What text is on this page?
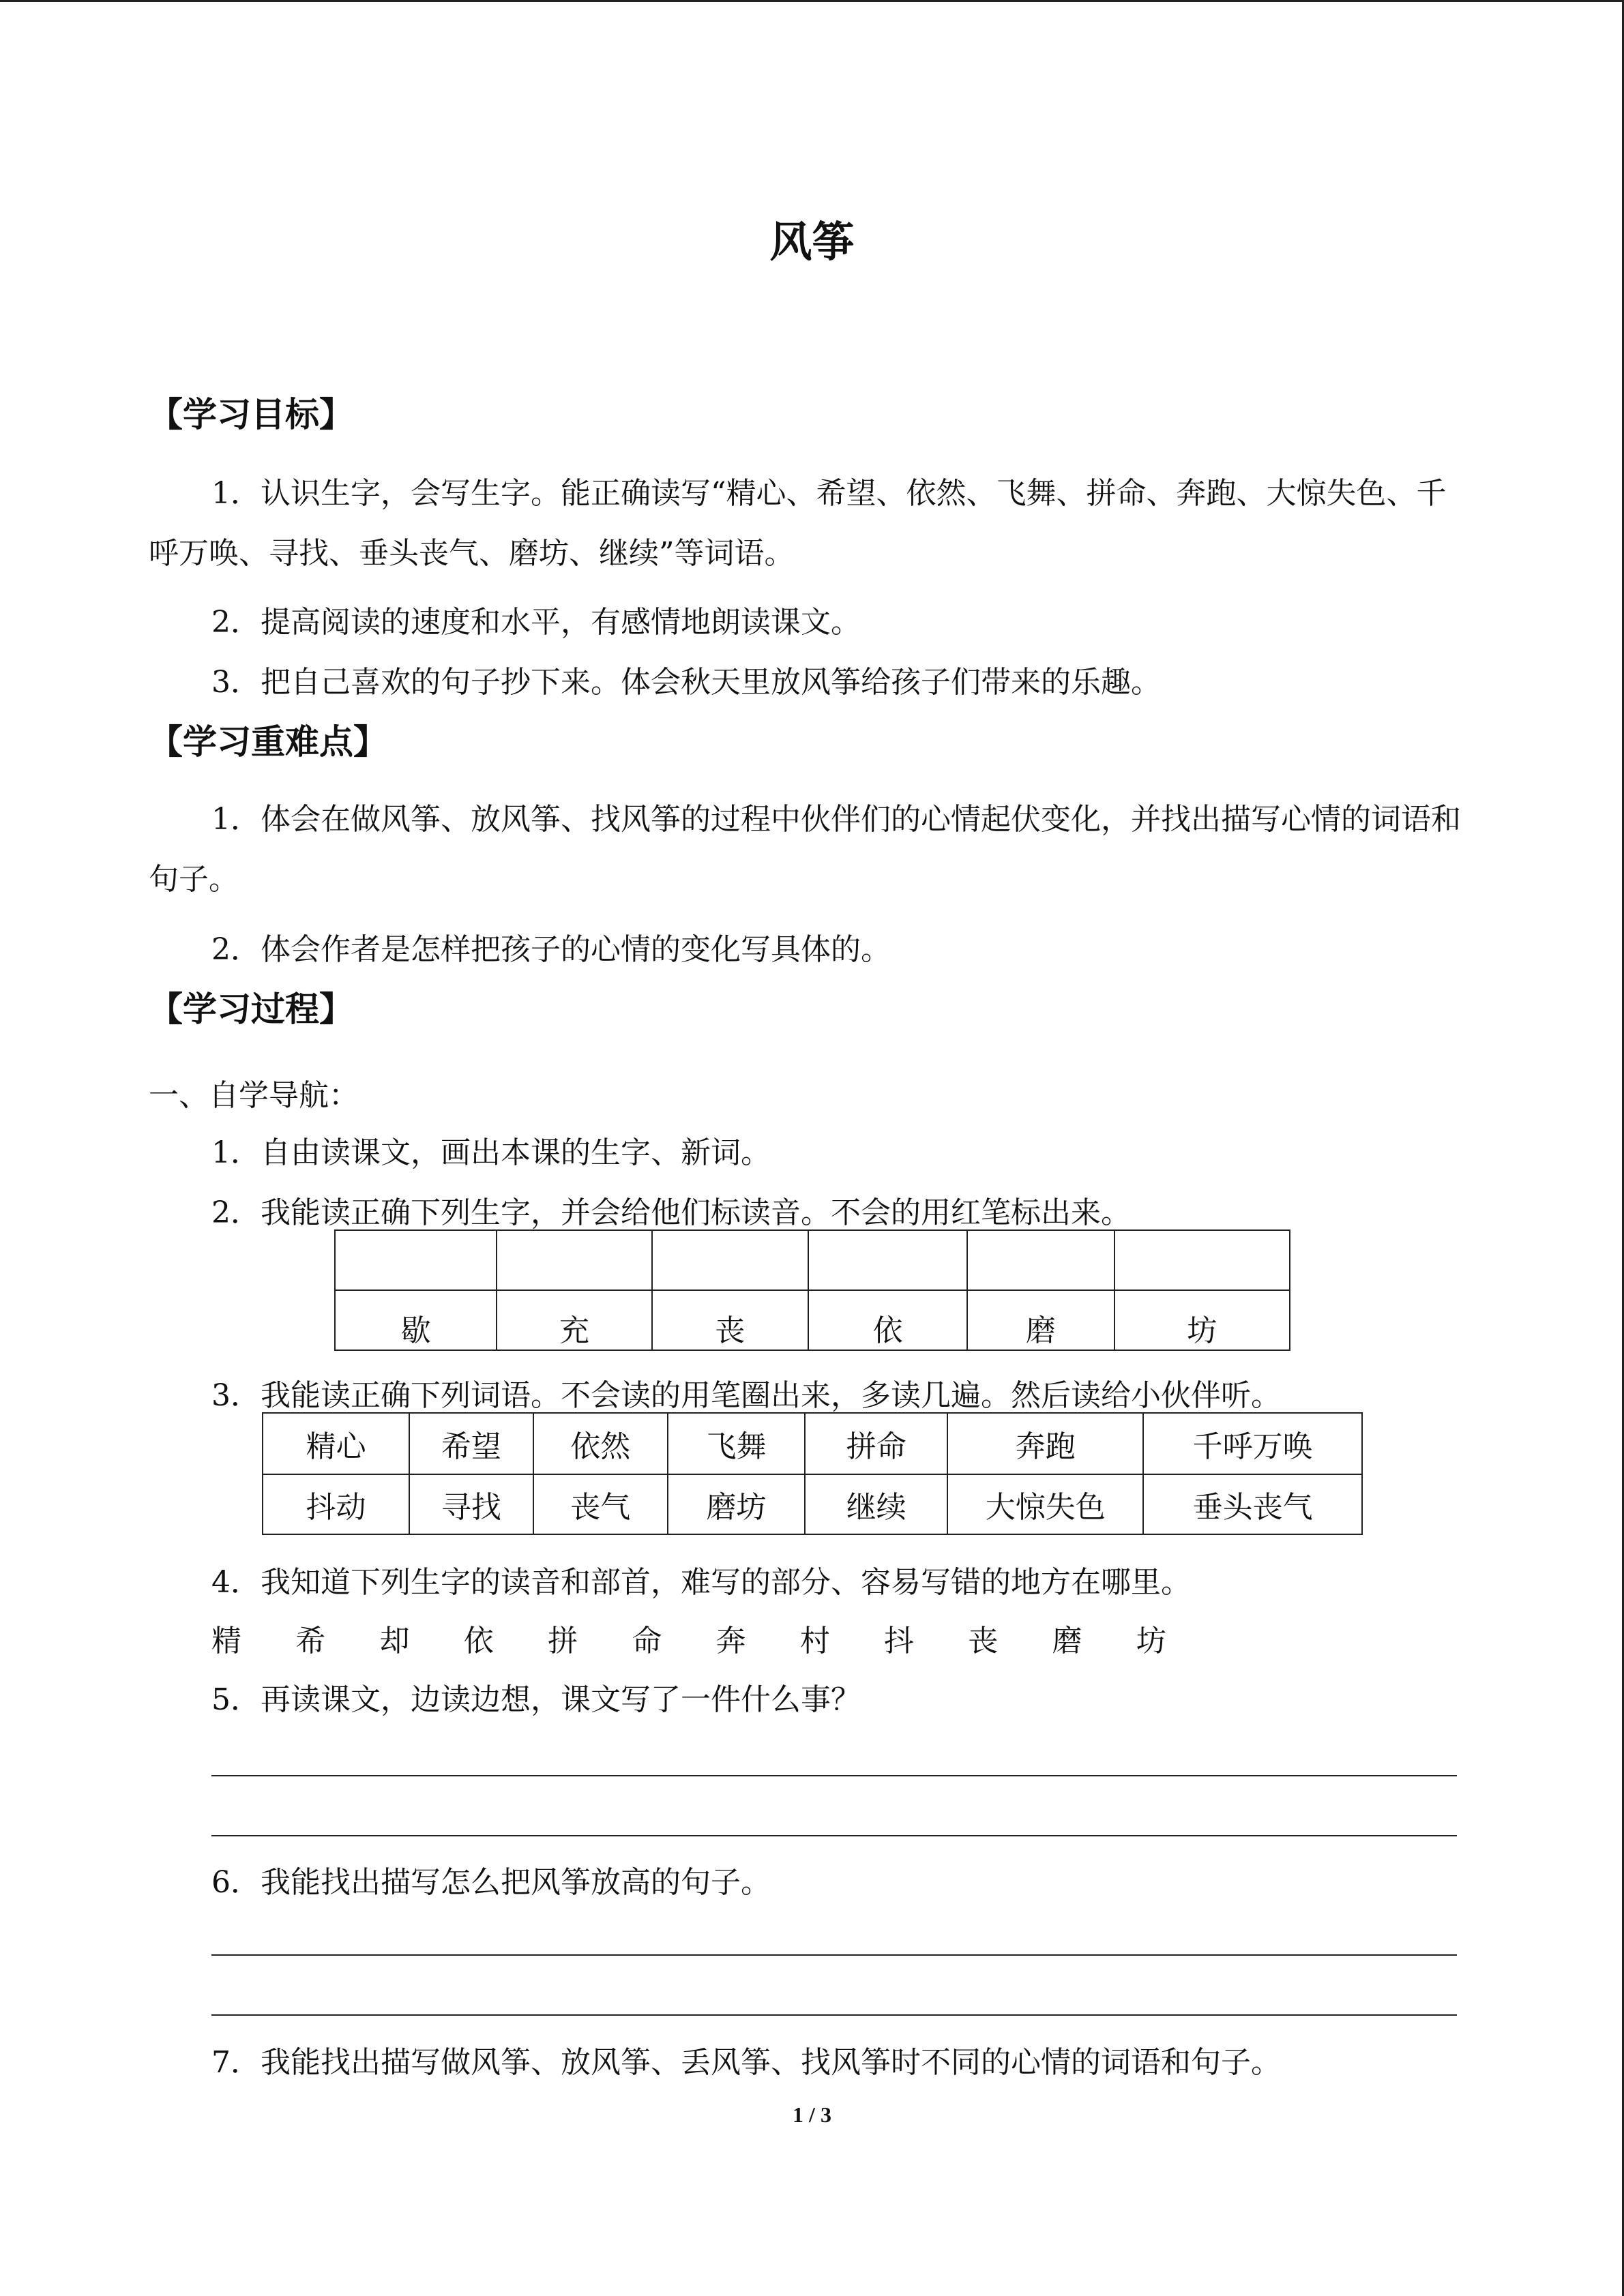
风筝
【学习目标】
1．认识生字，会写生字。能正确读写“精心、希望、依然、飞舞、拼命、奔跑、大惊失色、千呼万唤、寻找、垂头丧气、磨坊、继续”等词语。
2．提高阅读的速度和水平，有感情地朗读课文。
3．把自己喜欢的句子抄下来。体会秋天里放风筝给孩子们带来的乐趣。
【学习重难点】
1．体会在做风筝、放风筝、找风筝的过程中伙伴们的心情起伏变化，并找出描写心情的词语和句子。
2．体会作者是怎样把孩子的心情的变化写具体的。
【学习过程】
一、自学导航：
1．自由读课文，画出本课的生字、新词。
2．我能读正确下列生字，并会给他们标读音。不会的用红笔标出来。

歇	充	丧	依	磨	坊
3．我能读正确下列词语。不会读的用笔圈出来，多读几遍。然后读给小伙伴听。
精心	希望	依然	飞舞	拼命	奔跑	千呼万唤
抖动	寻找	丧气	磨坊	继续	大惊失色	垂头丧气
4．我知道下列生字的读音和部首，难写的部分、容易写错的地方在哪里。
精 希 却 依 拼 命 奔 村 抖 丧 磨 坊
5．再读课文，边读边想，课文写了一件什么事？
6．我能找出描写怎么把风筝放高的句子。
7．我能找出描写做风筝、放风筝、丢风筝、找风筝时不同的心情的词语和句子。
1 / 3
